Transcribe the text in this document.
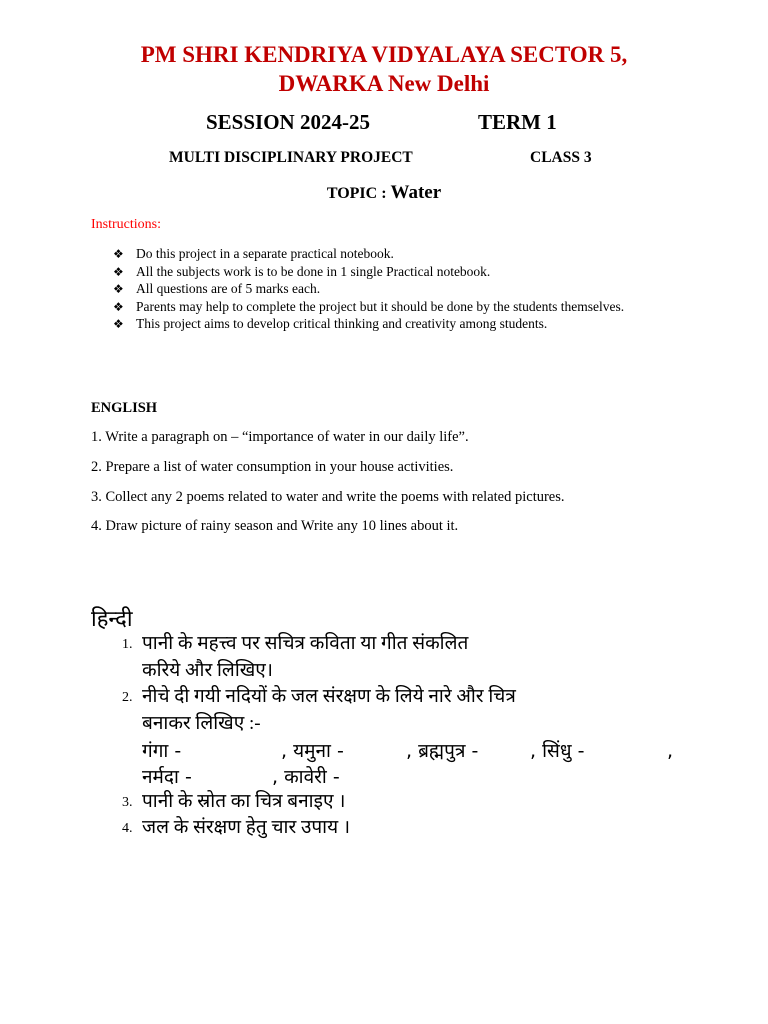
PM SHRI KENDRIYA VIDYALAYA SECTOR 5,
DWARKA New Delhi
SESSION 2024-25	TERM 1
MULTI DISCIPLINARY PROJECT	CLASS 3
TOPIC : Water
Instructions:
❖ Do this project in a separate practical notebook.
❖ All the subjects work is to be done in 1 single Practical notebook.
❖ All questions are of 5 marks each.
❖ Parents may help to complete the project but it should be done by the students themselves.
❖ This project aims to develop critical thinking and creativity among students.
ENGLISH
1. Write a paragraph on – “importance of water in our daily life”.
2. Prepare a list of water consumption in your house activities.
3. Collect any 2 poems related to water and write the poems with related pictures.
4. Draw picture of rainy season and Write any 10 lines about it.
हिन्दी
1. पानी के महत्त्व पर सचित्र कविता या गीत संकलित
करिये और लिखिए।
2. नीचे दी गयी नदियों के जल संरक्षण के लिये नारे और चित्र
बनाकर लिखिए :-
गंगा -	, यमुना -	, ब्रह्मपुत्र -	, सिंधु -	,
नर्मदा -	, कावेरी -
3. पानी के स्रोत का चित्र बनाइए ।
4. जल के संरक्षण हेतु चार उपाय ।
